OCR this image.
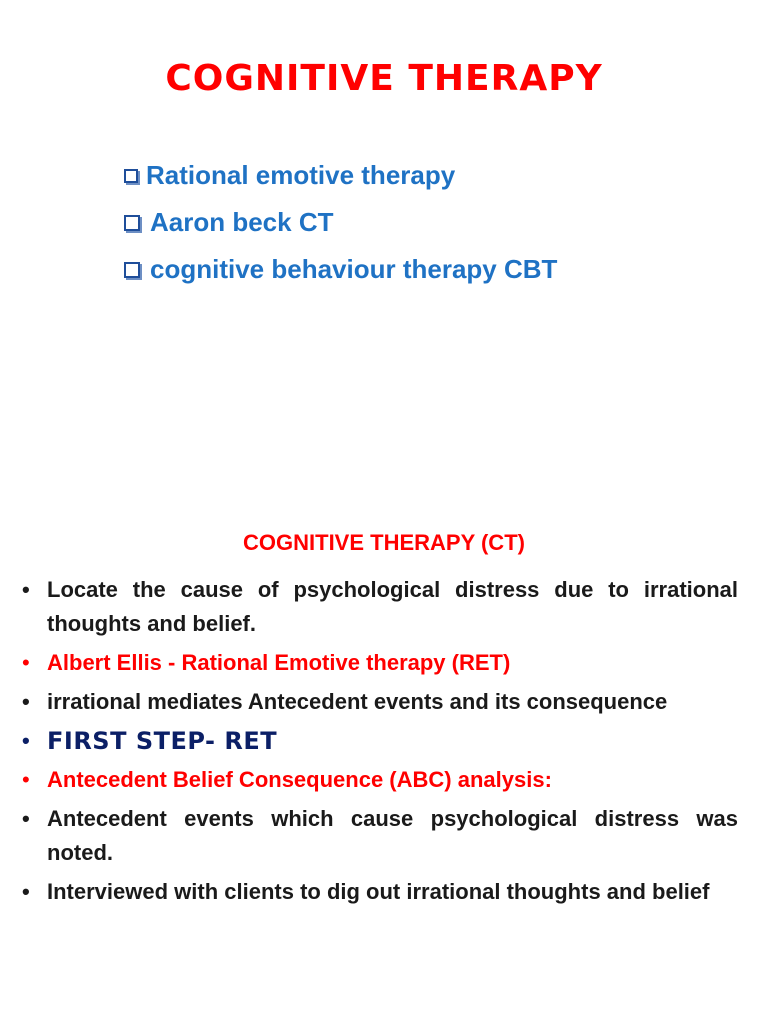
COGNITIVE THERAPY
Rational emotive therapy
Aaron beck CT
cognitive behaviour therapy CBT
COGNITIVE THERAPY (CT)
• Locate the cause of psychological distress due to irrational thoughts and belief.
• Albert Ellis - Rational Emotive therapy (RET)
• irrational mediates Antecedent events and its consequence
• FIRST STEP- RET
• Antecedent Belief Consequence (ABC) analysis:
• Antecedent events which cause psychological distress was noted.
• Interviewed with clients to dig out irrational thoughts and belief
